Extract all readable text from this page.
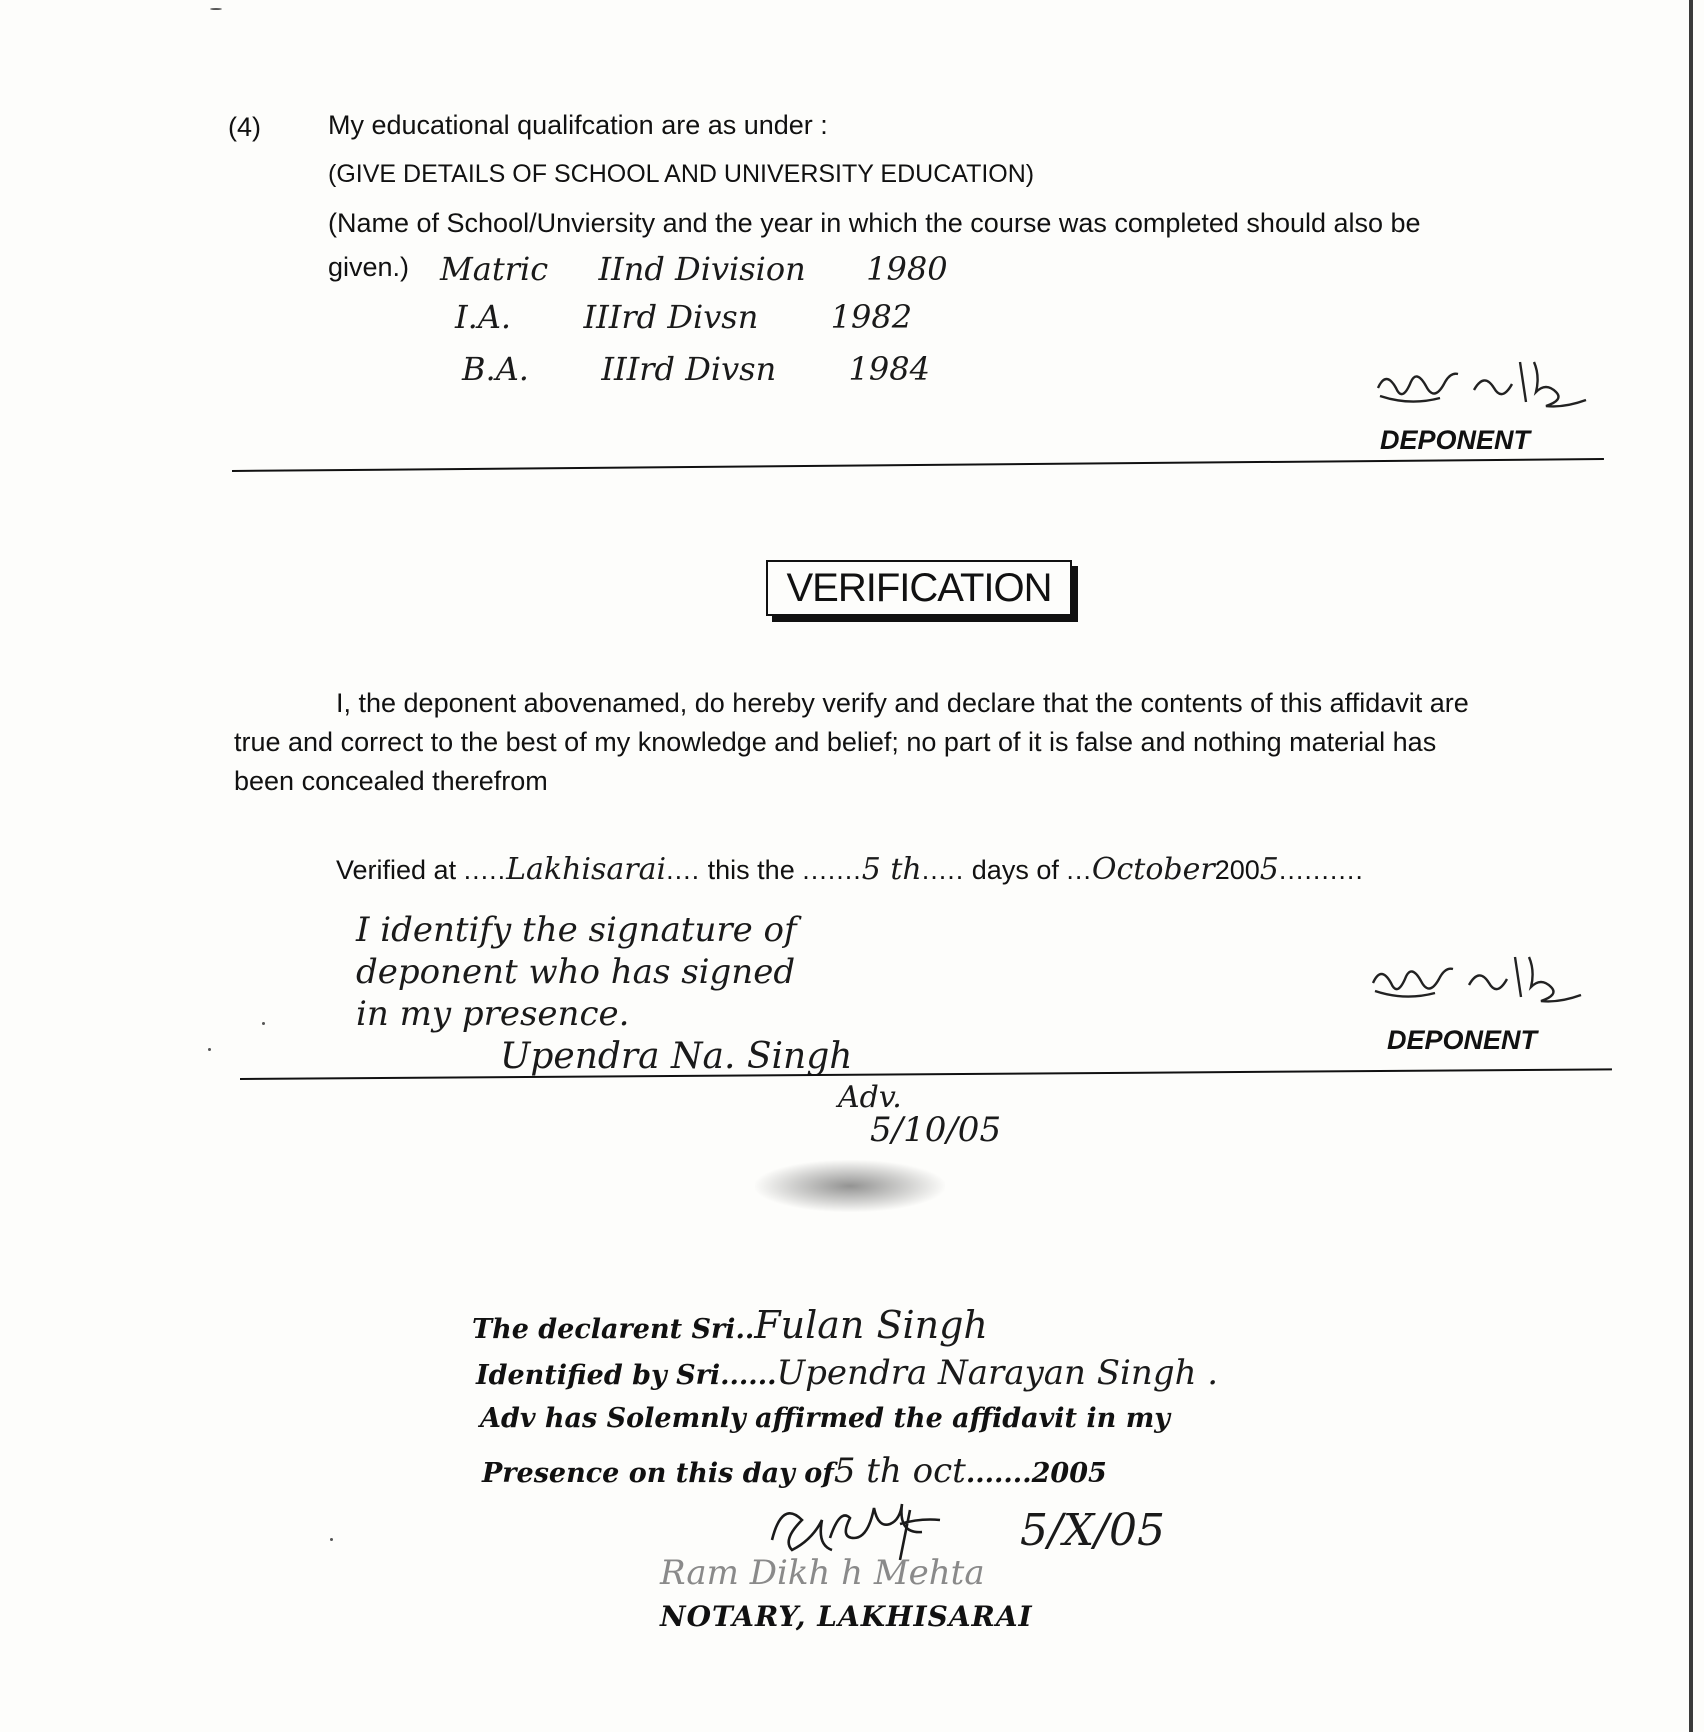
(4) My educational qualifcation are as under :
(GIVE DETAILS OF SCHOOL AND UNIVERSITY EDUCATION)
(Name of School/Unviersity and the year in which the course was completed should also be
given.) Matric IInd Division 1980
I.A. IIIrd Divsn 1982
B.A. IIIrd Divsn 1984
DEPONENT
VERIFICATION
I, the deponent abovenamed, do hereby verify and declare that the contents of this affidavit are
true and correct to the best of my knowledge and belief; no part of it is false and nothing material has
been concealed therefrom
Verified at .....Lakhisarai.... this the .......5 th..... days of ...October2005..........
I identify the signature of
deponent who has signed
in my presence.
Upendra Na. Singh
Adv.
5/10/05
DEPONENT
The declarent Sri..Fulan Singh
Identified by Sri......Upendra Narayan Singh .
Adv has Solemnly affirmed the affidavit in my
Presence on this day of5 th oct.......2005
5/X/05
Ram Dikh h Mehta
NOTARY, LAKHISARAI
